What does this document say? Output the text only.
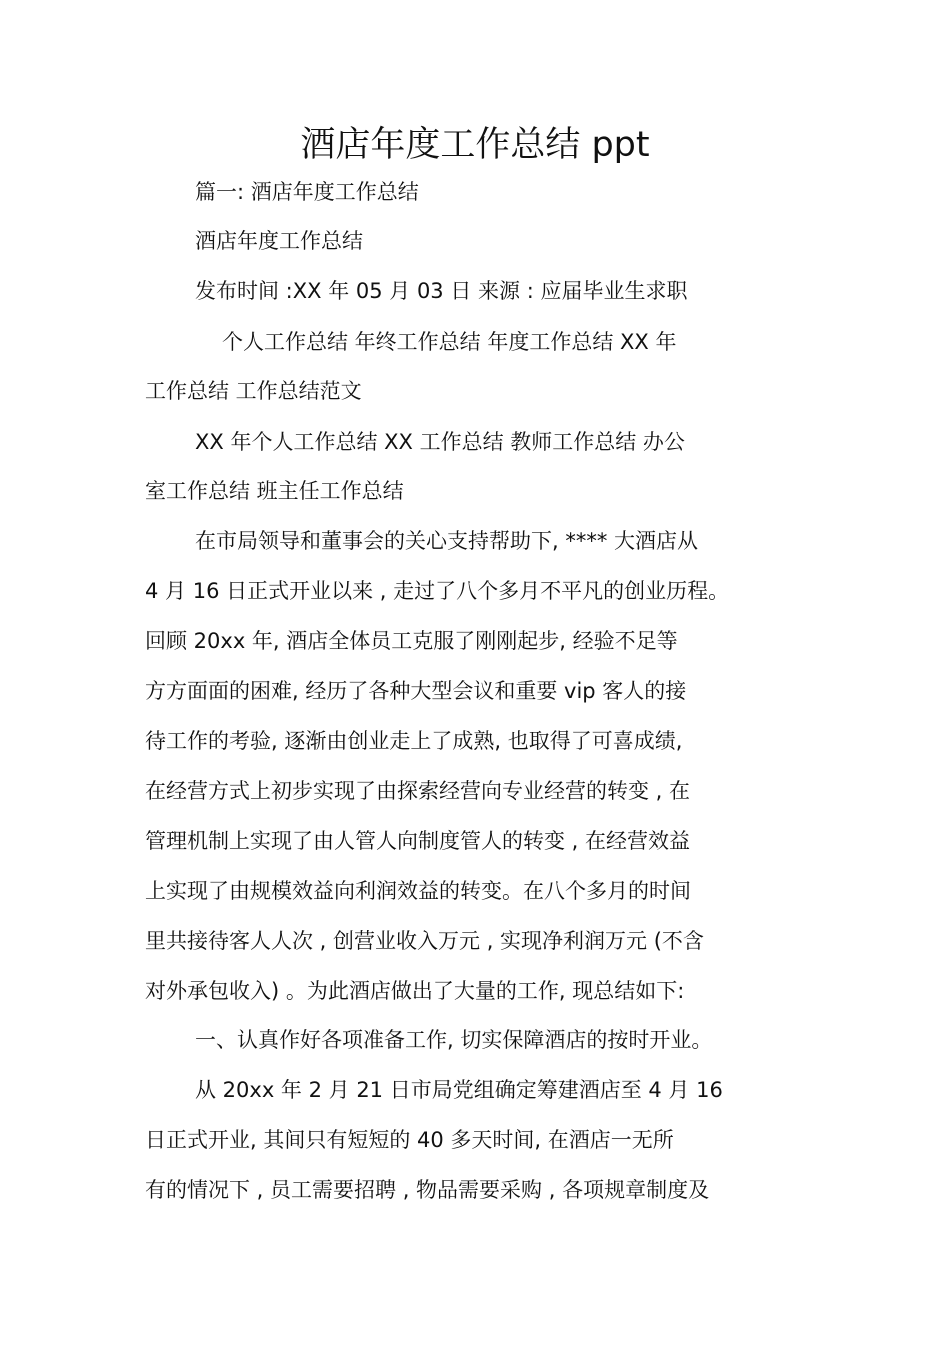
酒店年度工作总结 ppt
篇一: 酒店年度工作总结
酒店年度工作总结
发布时间 :XX 年 05 月 03 日 来源 : 应届毕业生求职
个人工作总结 年终工作总结 年度工作总结 XX 年
工作总结 工作总结范文
XX 年个人工作总结 XX 工作总结 教师工作总结 办公
室工作总结 班主任工作总结
在市局领导和董事会的关心支持帮助下, **** 大酒店从
4 月 16 日正式开业以来 , 走过了八个多月不平凡的创业历程。
回顾 20xx 年, 酒店全体员工克服了刚刚起步, 经验不足等
方方面面的困难, 经历了各种大型会议和重要 vip 客人的接
待工作的考验, 逐渐由创业走上了成熟, 也取得了可喜成绩,
在经营方式上初步实现了由探索经营向专业经营的转变 , 在
管理机制上实现了由人管人向制度管人的转变 , 在经营效益
上实现了由规模效益向利润效益的转变。在八个多月的时间
里共接待客人人次 , 创营业收入万元 , 实现净利润万元 (不含
对外承包收入) 。为此酒店做出了大量的工作, 现总结如下:
一、认真作好各项准备工作, 切实保障酒店的按时开业。
从 20xx 年 2 月 21 日市局党组确定筹建酒店至 4 月 16
日正式开业, 其间只有短短的 40 多天时间, 在酒店一无所
有的情况下 , 员工需要招聘 , 物品需要采购 , 各项规章制度及
